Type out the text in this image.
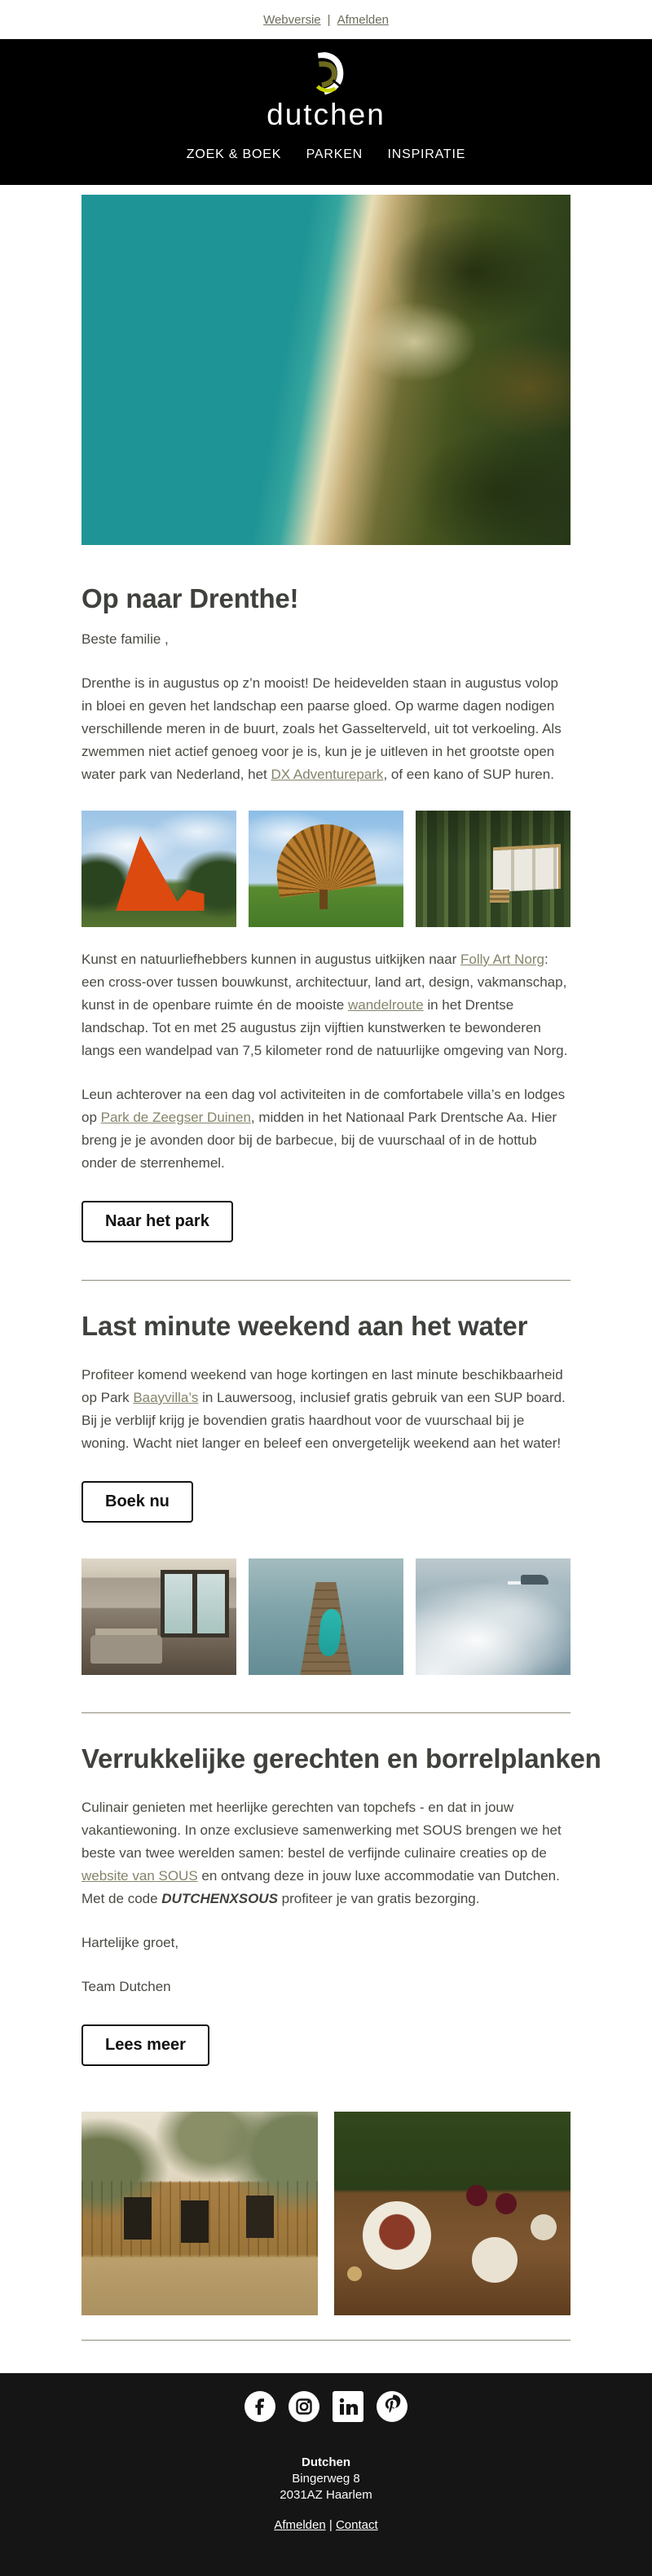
Webversie | Afmelden
dutchen
ZOEK & BOEK PARKEN INSPIRATIE
Op naar Drenthe!

Beste familie ,

Drenthe is in augustus op z’n mooist! De heidevelden staan in augustus volop in bloei en geven het landschap een paarse gloed. Op warme dagen nodigen verschillende meren in de buurt, zoals het Gasselterveld, uit tot verkoeling. Als zwemmen niet actief genoeg voor je is, kun je je uitleven in het grootste open water park van Nederland, het DX Adventurepark, of een kano of SUP huren.

Kunst en natuurliefhebbers kunnen in augustus uitkijken naar Folly Art Norg: een cross-over tussen bouwkunst, architectuur, land art, design, vakmanschap, kunst in de openbare ruimte én de mooiste wandelroute in het Drentse landschap. Tot en met 25 augustus zijn vijftien kunstwerken te bewonderen langs een wandelpad van 7,5 kilometer rond de natuurlijke omgeving van Norg.

Leun achterover na een dag vol activiteiten in de comfortabele villa’s en lodges op Park de Zeegser Duinen, midden in het Nationaal Park Drentsche Aa. Hier breng je je avonden door bij de barbecue, bij de vuurschaal of in de hottub onder de sterrenhemel.

Naar het park
Last minute weekend aan het water

Profiteer komend weekend van hoge kortingen en last minute beschikbaarheid op Park Baayvilla’s in Lauwersoog, inclusief gratis gebruik van een SUP board. Bij je verblijf krijg je bovendien gratis haardhout voor de vuurschaal bij je woning. Wacht niet langer en beleef een onvergetelijk weekend aan het water!

Boek nu
Verrukkelijke gerechten en borrelplanken

Culinair genieten met heerlijke gerechten van topchefs - en dat in jouw vakantiewoning. In onze exclusieve samenwerking met SOUS brengen we het beste van twee werelden samen: bestel de verfijnde culinaire creaties op de website van SOUS en ontvang deze in jouw luxe accommodatie van Dutchen. Met de code DUTCHENXSOUS profiteer je van gratis bezorging.

Hartelijke groet,

Team Dutchen

Lees meer
Dutchen
Bingerweg 8
2031AZ Haarlem
Afmelden | Contact
